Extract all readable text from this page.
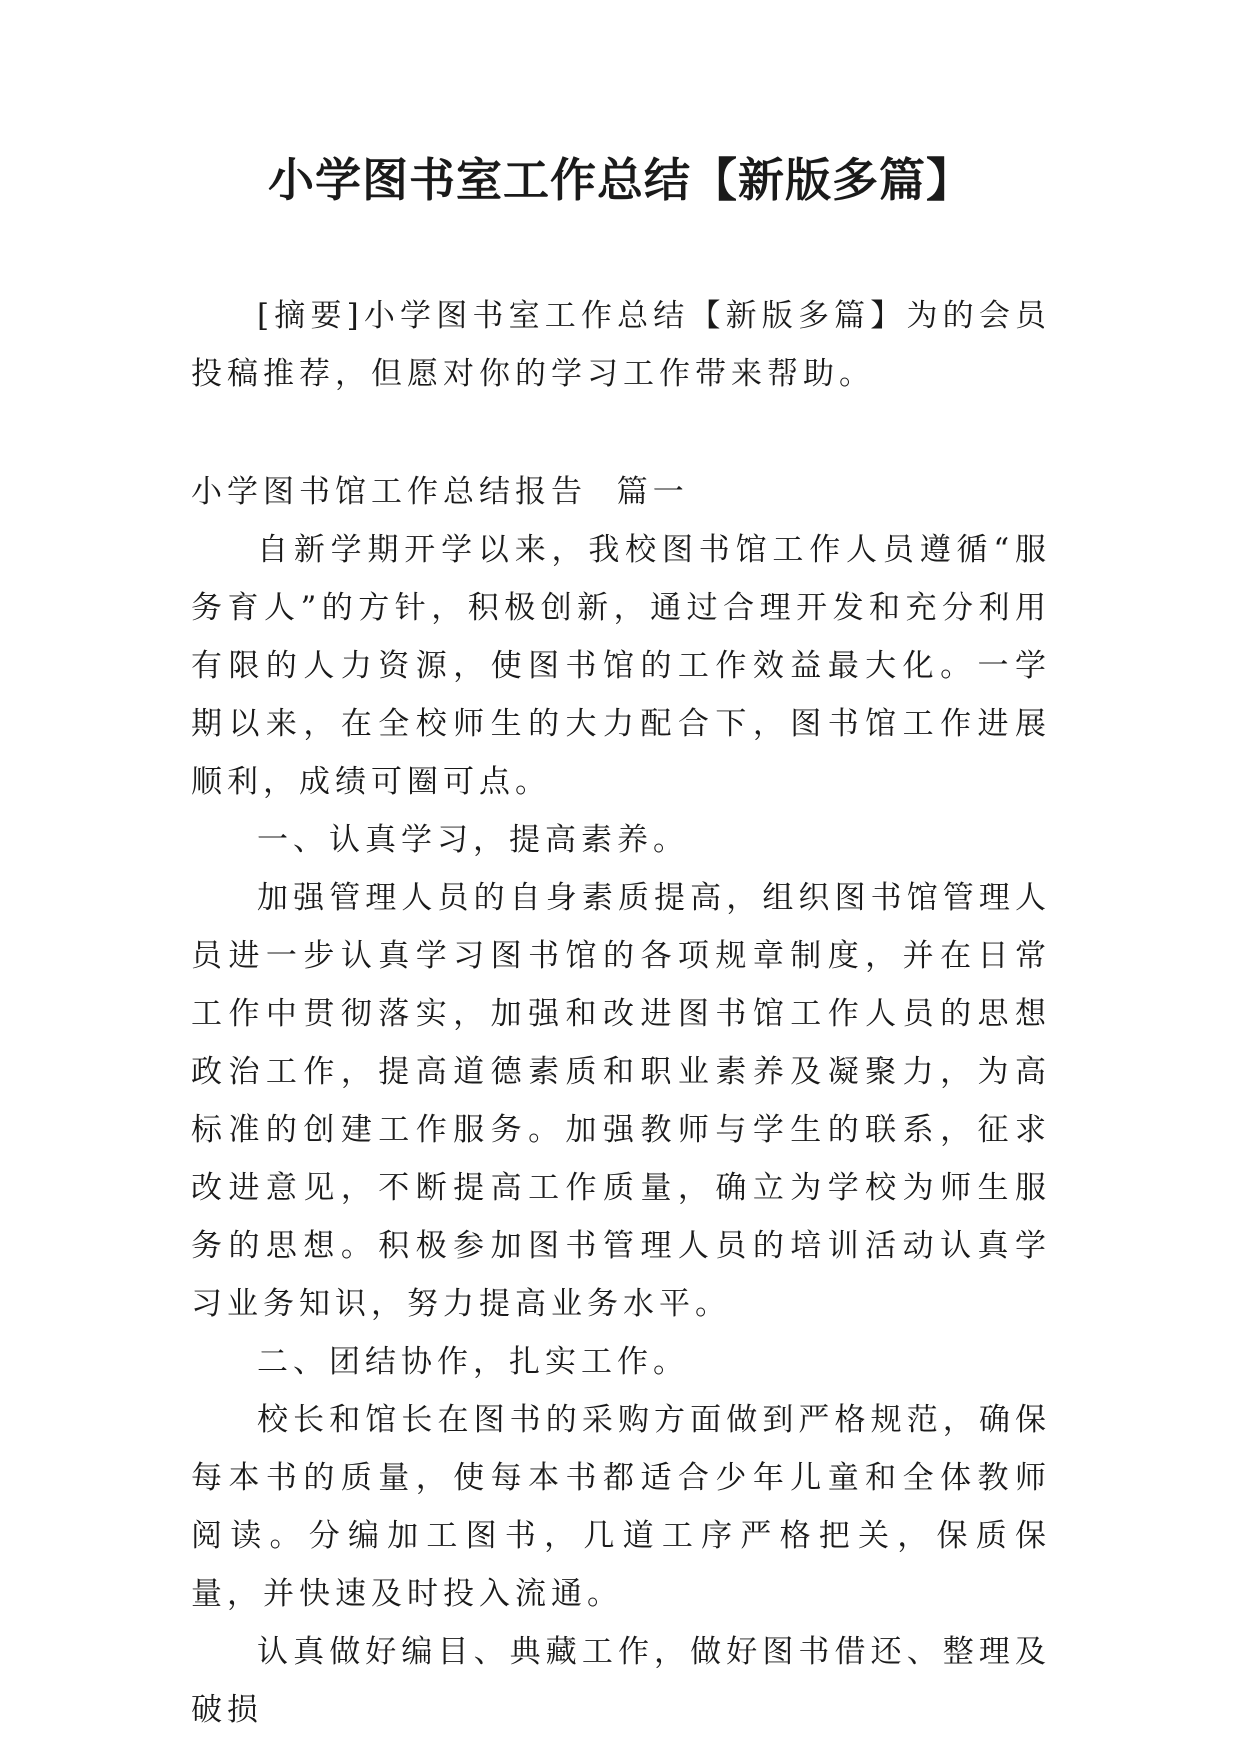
小学图书室工作总结【新版多篇】

[摘要]小学图书室工作总结【新版多篇】为的会员投稿推荐，但愿对你的学习工作带来帮助。

小学图书馆工作总结报告  篇一

自新学期开学以来，我校图书馆工作人员遵循“服务育人”的方针，积极创新，通过合理开发和充分利用有限的人力资源，使图书馆的工作效益最大化。一学期以来，在全校师生的大力配合下，图书馆工作进展顺利，成绩可圈可点。

一、认真学习，提高素养。

加强管理人员的自身素质提高，组织图书馆管理人员进一步认真学习图书馆的各项规章制度，并在日常工作中贯彻落实，加强和改进图书馆工作人员的思想政治工作，提高道德素质和职业素养及凝聚力，为高标准的创建工作服务。加强教师与学生的联系，征求改进意见，不断提高工作质量，确立为学校为师生服务的思想。积极参加图书管理人员的培训活动认真学习业务知识，努力提高业务水平。

二、团结协作，扎实工作。

校长和馆长在图书的采购方面做到严格规范，确保每本书的质量，使每本书都适合少年儿童和全体教师阅读。分编加工图书，几道工序严格把关，保质保量，并快速及时投入流通。

认真做好编目、典藏工作，做好图书借还、整理及破损
